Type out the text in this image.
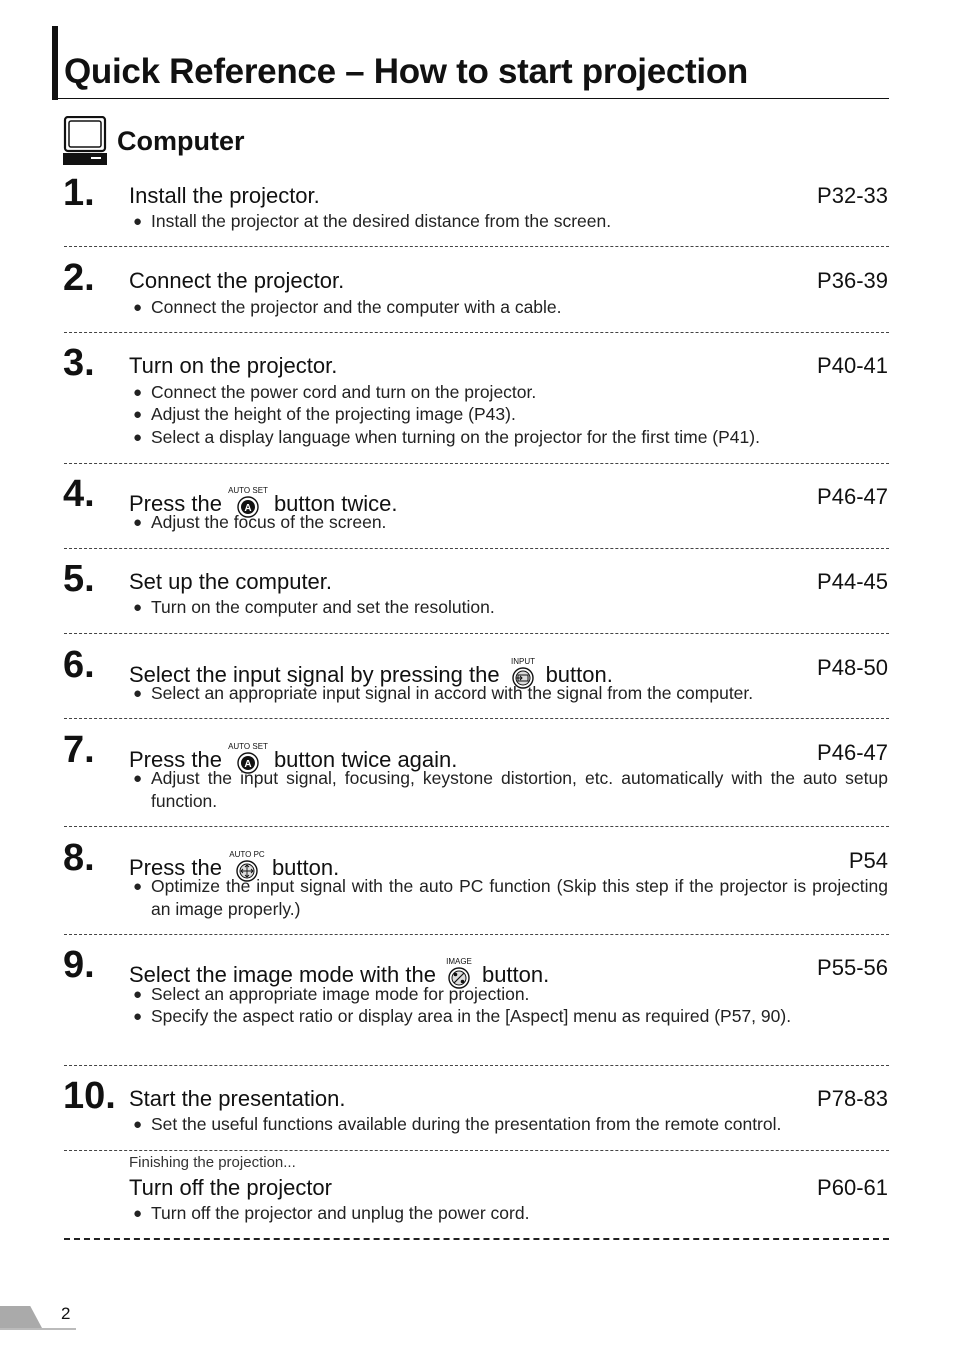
Quick Reference – How to start projection
Computer
1. Install the projector.	P32-33
● Install the projector at the desired distance from the screen.
2. Connect the projector.	P36-39
● Connect the projector and the computer with a cable.
3. Turn on the projector.	P40-41
● Connect the power cord and turn on the projector.
● Adjust the height of the projecting image (P43).
● Select a display language when turning on the projector for the first time (P41).
4. Press the
AUTO SET
A button twice.	P46-47
● Adjust the focus of the screen.
5. Set up the computer.	P44-45
● Turn on the computer and set the resolution.
6. Select the input signal by pressing the
INPUT
button.	P48-50
● Select an appropriate input signal in accord with the signal from the computer.
7. Press the
AUTO SET
A button twice again.	P46-47
● Adjust the input signal, focusing, keystone distortion, etc. automatically with the auto setup function.
8. Press the
AUTO PC
button.	P54
● Optimize the input signal with the auto PC function (Skip this step if the projector is projecting an image properly.)
9. Select the image mode with the
IMAGE
button.	P55-56
● Select an appropriate image mode for projection.
● Specify the aspect ratio or display area in the [Aspect] menu as required (P57, 90).
10. Start the presentation.	P78-83
● Set the useful functions available during the presentation from the remote control.
Finishing the projection...
Turn off the projector	P60-61
● Turn off the projector and unplug the power cord.
2
